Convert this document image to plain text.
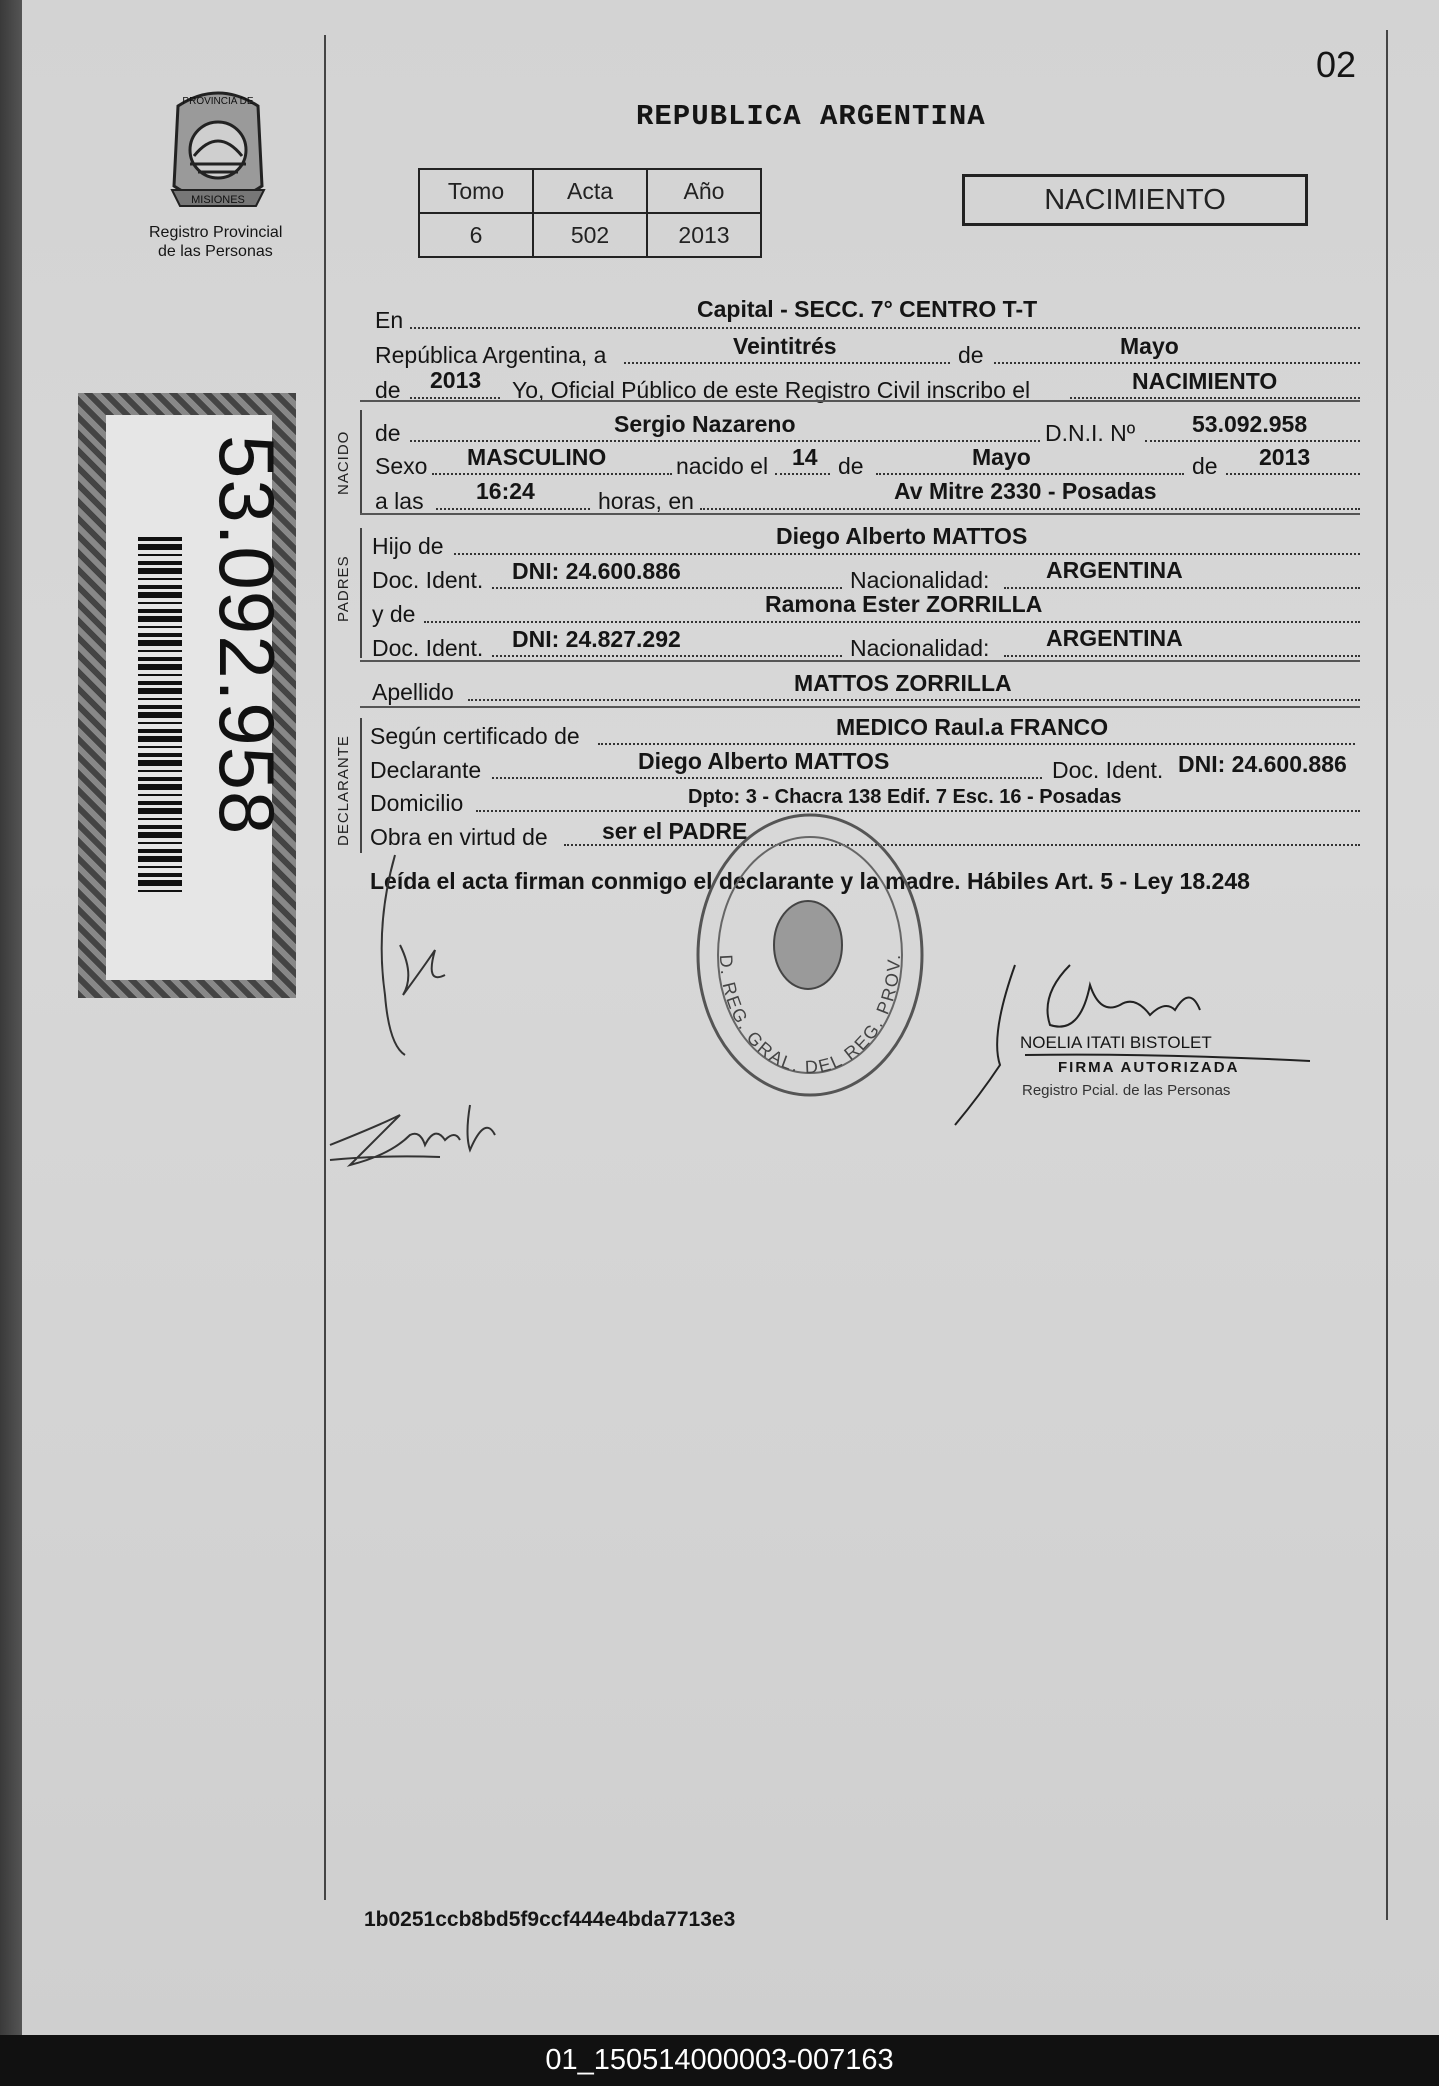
02
REPUBLICA ARGENTINA
MISIONES
PROVINCIA DE
Registro Provincial
de las Personas
53.092.958
Tomo	Acta	Año
6	502	2013
NACIMIENTO
En	Capital - SECC. 7° CENTRO T-T
República Argentina, a	Veintitrés	de	Mayo
de 2013 Yo, Oficial Público de este Registro Civil inscribo el	NACIMIENTO
NACIDO de	Sergio Nazareno	D.N.I. Nº 53.092.958
Sexo MASCULINO	nacido el 14 de	Mayo	de 2013
a las 16:24	horas, en	Av Mitre 2330 - Posadas
PADRES
Hijo de	Diego Alberto MATTOS
Doc. Ident. DNI: 24.600.886	Nacionalidad: ARGENTINA
y de	Ramona Ester ZORRILLA
Doc. Ident. DNI: 24.827.292	Nacionalidad: ARGENTINA
Apellido	MATTOS ZORRILLA
DECLARANTE Según certificado de	MEDICO Raul.a FRANCO
Declarante	Diego Alberto MATTOS	Doc. Ident. DNI: 24.600.886
Domicilio	Dpto: 3 - Chacra 138 Edif. 7 Esc. 16 - Posadas
Obra en virtud de ser el PADRE
Leída el acta firman conmigo el declarante y la madre. Hábiles Art. 5 - Ley 18.248
D. REG. GRAL. DEL REG. PROV.
NOELIA ITATI BISTOLET
FIRMA AUTORIZADA
Registro Pcial. de las Personas
1b0251ccb8bd5f9ccf444e4bda7713e3
01_150514000003-007163
